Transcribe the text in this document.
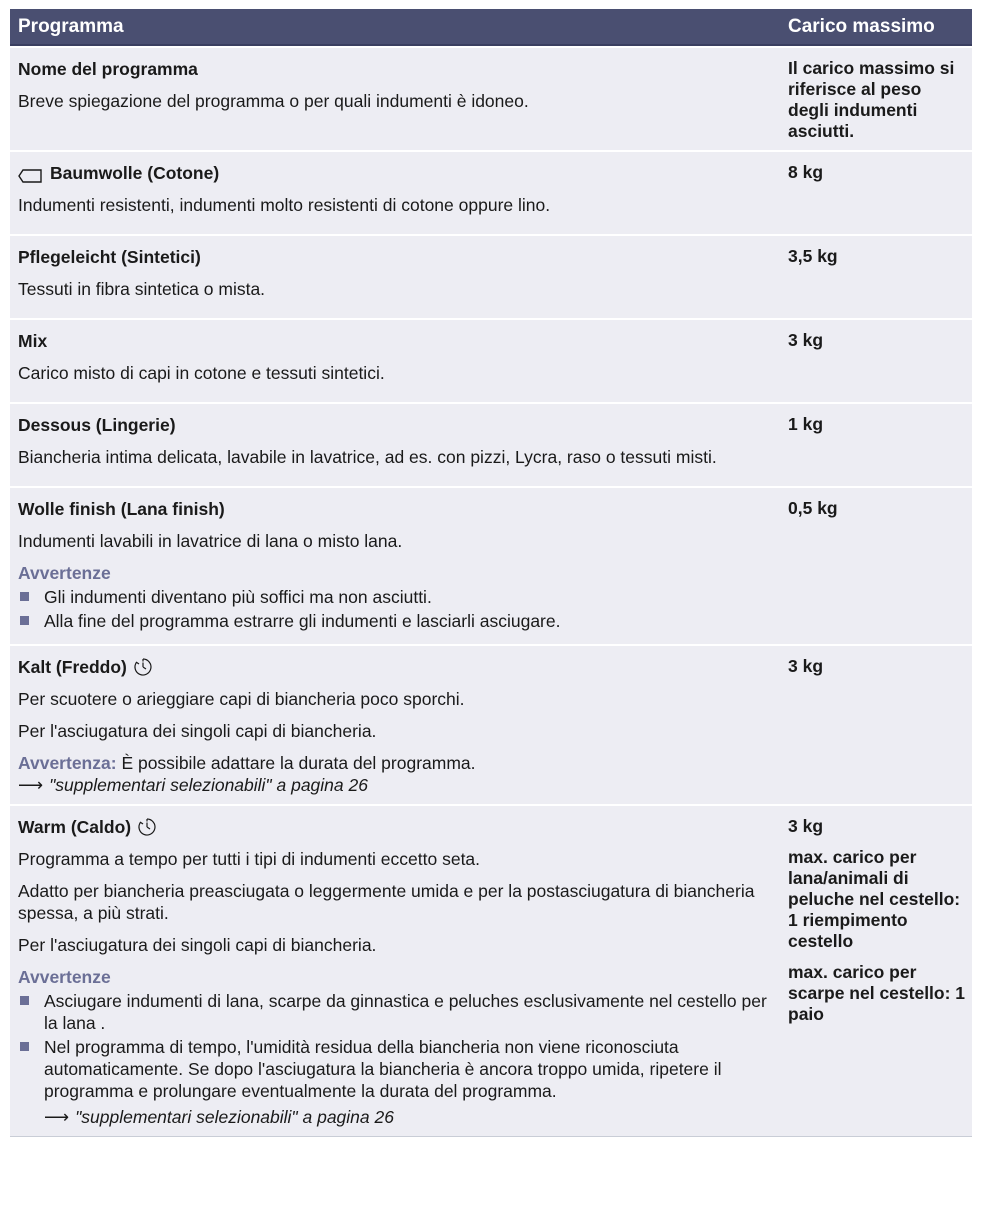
Programma	Carico massimo
Nome del programma

Breve spiegazione del programma o per quali indumenti è idoneo.

Il carico massimo si riferisce al peso degli indumenti asciutti.
Baumwolle (Cotone)

Indumenti resistenti, indumenti molto resistenti di cotone oppure lino.

8 kg
Pflegeleicht (Sintetici)

Tessuti in fibra sintetica o mista.

3,5 kg
Mix

Carico misto di capi in cotone e tessuti sintetici.

3 kg
Dessous (Lingerie)

Biancheria intima delicata, lavabile in lavatrice, ad es. con pizzi, Lycra, raso o tessuti misti.

1 kg
Wolle finish (Lana finish)

Indumenti lavabili in lavatrice di lana o misto lana.

Avvertenze
Gli indumenti diventano più soffici ma non asciutti.
Alla fine del programma estrarre gli indumenti e lasciarli asciugare.
0,5 kg
Kalt (Freddo)

Per scuotere o arieggiare capi di biancheria poco sporchi.

Per l'asciugatura dei singoli capi di biancheria.

Avvertenza: È possibile adattare la durata del programma.

⟶ "supplementari selezionabili" a pagina 26

3 kg
Warm (Caldo)

Programma a tempo per tutti i tipi di indumenti eccetto seta.

Adatto per biancheria preasciugata o leggermente umida e per la postasciugatura di biancheria spessa, a più strati.

Per l'asciugatura dei singoli capi di biancheria.

Avvertenze
Asciugare indumenti di lana, scarpe da ginnastica e peluches esclusivamente nel cestello per la lana .
Nel programma di tempo, l'umidità residua della biancheria non viene riconosciuta automaticamente. Se dopo l'asciugatura la biancheria è ancora troppo umida, ripetere il programma e prolungare eventualmente la durata del programma.

⟶ "supplementari selezionabili" a pagina 26

3 kg
max. carico per lana/animali di peluche nel cestello: 1 riempimento cestello
max. carico per scarpe nel cestello: 1 paio
